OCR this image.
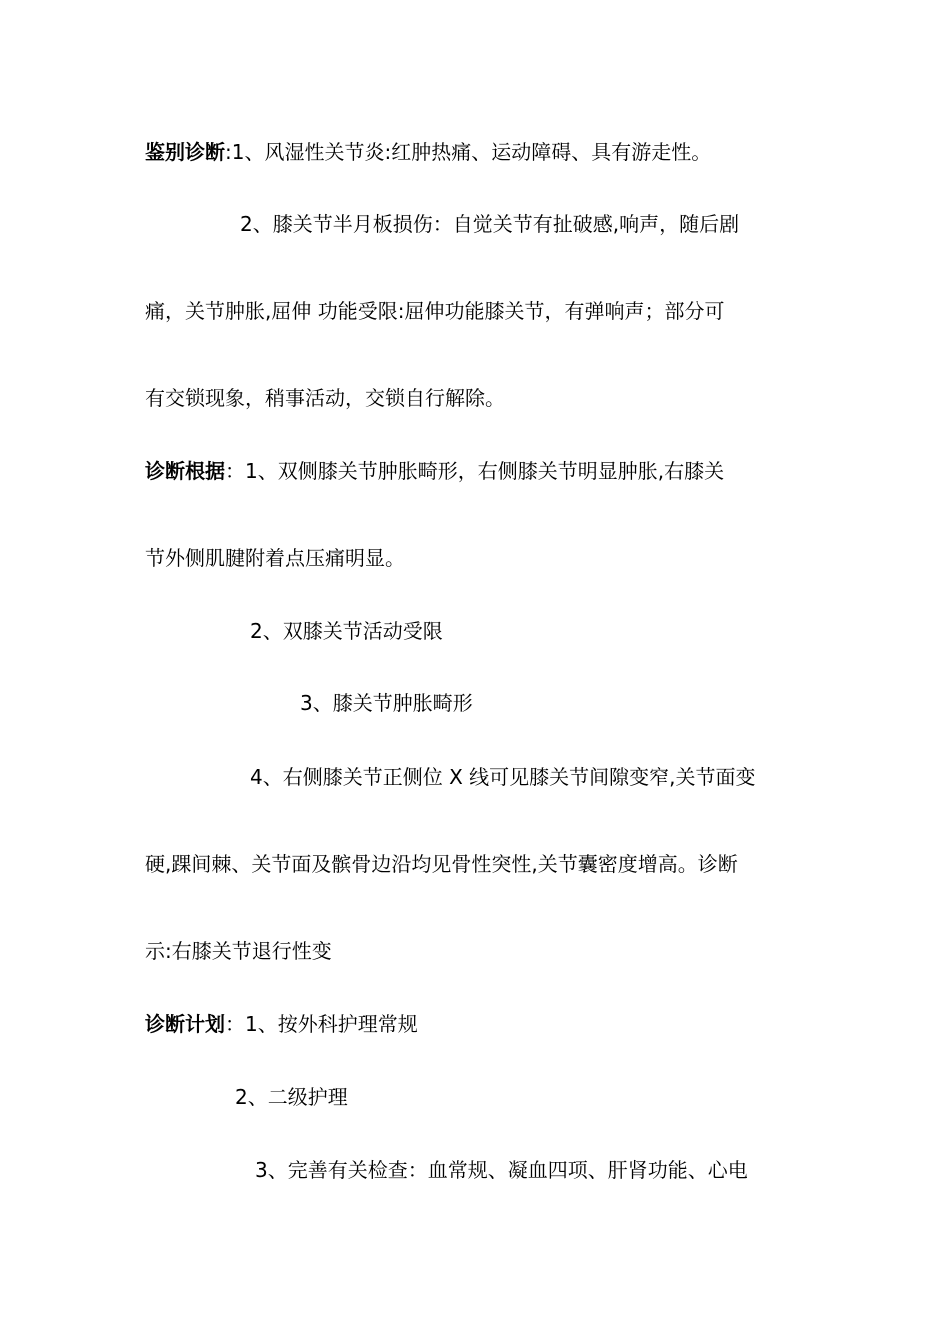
鉴别诊断:1、风湿性关节炎:红肿热痛、运动障碍、具有游走性。
2、膝关节半月板损伤：自觉关节有扯破感,响声，随后剧
痛，关节肿胀,屈伸 功能受限:屈伸功能膝关节，有弹响声；部分可
有交锁现象，稍事活动，交锁自行解除。
诊断根据：1、双侧膝关节肿胀畸形，右侧膝关节明显肿胀,右膝关
节外侧肌腱附着点压痛明显。
2、双膝关节活动受限
3、膝关节肿胀畸形
4、右侧膝关节正侧位 X 线可见膝关节间隙变窄,关节面变
硬,踝间棘、关节面及髌骨边沿均见骨性突性,关节囊密度增高。诊断
示:右膝关节退行性变
诊断计划：1、按外科护理常规
2、二级护理
3、完善有关检查：血常规、凝血四项、肝肾功能、心电
